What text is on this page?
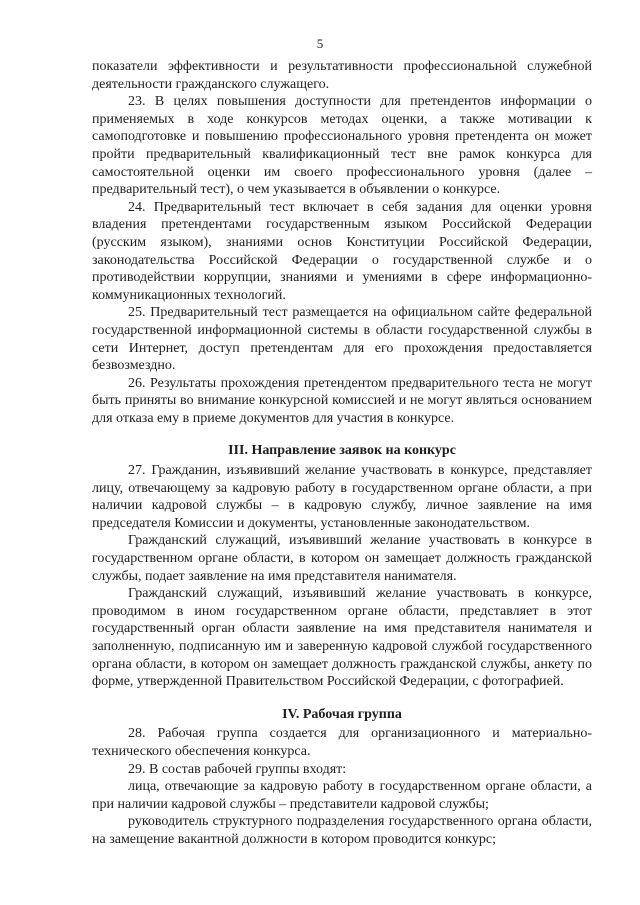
5

показатели эффективности и результативности профессиональной служебной деятельности гражданского служащего.

23. В целях повышения доступности для претендентов информации о применяемых в ходе конкурсов методах оценки, а также мотивации к самоподготовке и повышению профессионального уровня претендента он может пройти предварительный квалификационный тест вне рамок конкурса для самостоятельной оценки им своего профессионального уровня (далее – предварительный тест), о чем указывается в объявлении о конкурсе.

24. Предварительный тест включает в себя задания для оценки уровня владения претендентами государственным языком Российской Федерации (русским языком), знаниями основ Конституции Российской Федерации, законодательства Российской Федерации о государственной службе и о противодействии коррупции, знаниями и умениями в сфере информационно-коммуникационных технологий.

25. Предварительный тест размещается на официальном сайте федеральной государственной информационной системы в области государственной службы в сети Интернет, доступ претендентам для его прохождения предоставляется безвозмездно.

26. Результаты прохождения претендентом предварительного теста не могут быть приняты во внимание конкурсной комиссией и не могут являться основанием для отказа ему в приеме документов для участия в конкурсе.

III. Направление заявок на конкурс

27. Гражданин, изъявивший желание участвовать в конкурсе, представляет лицу, отвечающему за кадровую работу в государственном органе области, а при наличии кадровой службы – в кадровую службу, личное заявление на имя председателя Комиссии и документы, установленные законодательством.

Гражданский служащий, изъявивший желание участвовать в конкурсе в государственном органе области, в котором он замещает должность гражданской службы, подает заявление на имя представителя нанимателя.

Гражданский служащий, изъявивший желание участвовать в конкурсе, проводимом в ином государственном органе области, представляет в этот государственный орган области заявление на имя представителя нанимателя и заполненную, подписанную им и заверенную кадровой службой государственного органа области, в котором он замещает должность гражданской службы, анкету по форме, утвержденной Правительством Российской Федерации, с фотографией.

IV. Рабочая группа

28. Рабочая группа создается для организационного и материально-технического обеспечения конкурса.

29. В состав рабочей группы входят:

лица, отвечающие за кадровую работу в государственном органе области, а при наличии кадровой службы – представители кадровой службы;

руководитель структурного подразделения государственного органа области, на замещение вакантной должности в котором проводится конкурс;
